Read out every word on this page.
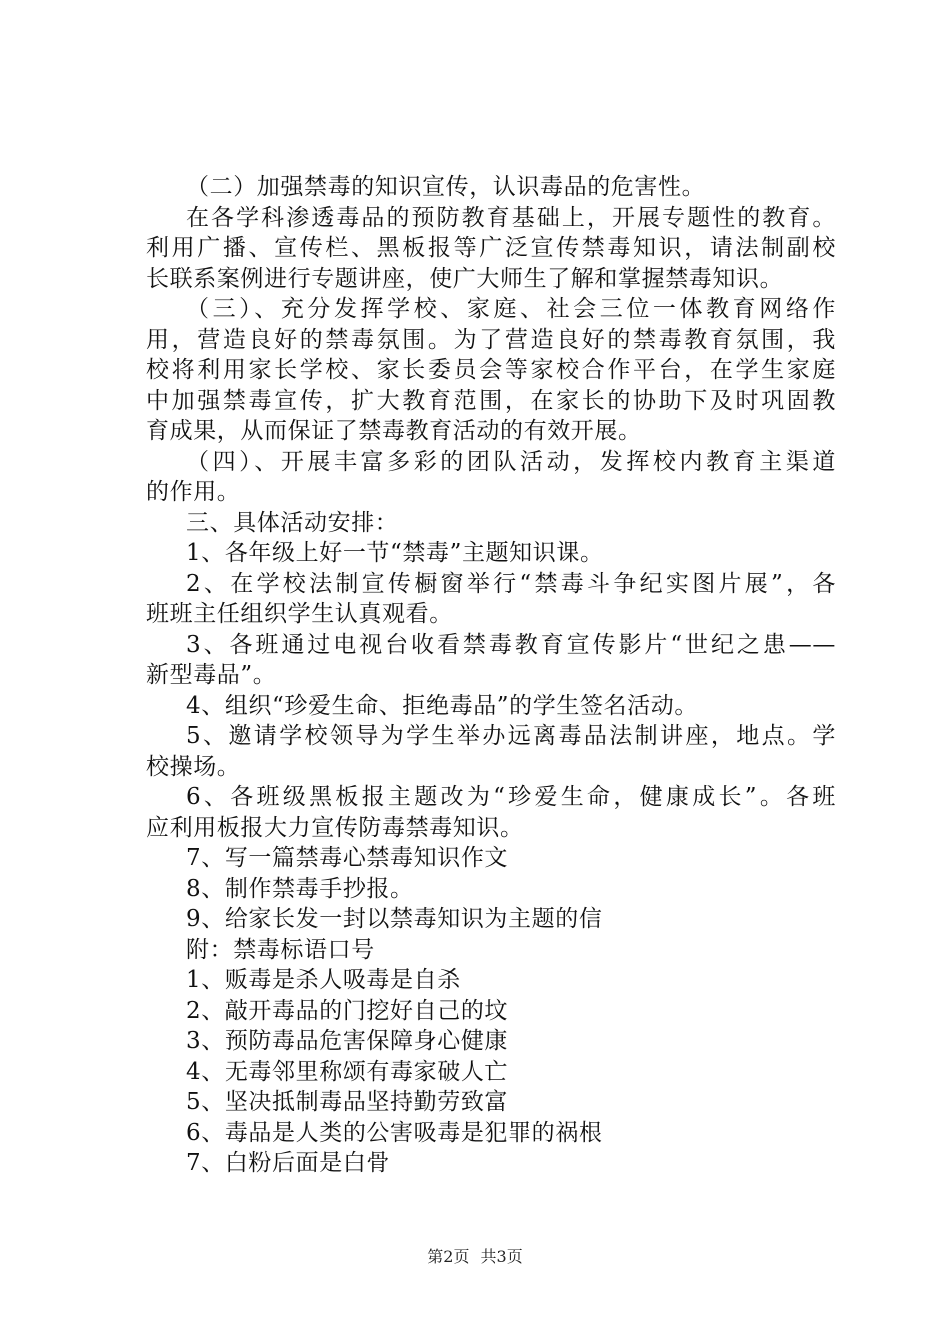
（二）加强禁毒的知识宣传，认识毒品的危害性。
在各学科渗透毒品的预防教育基础上，开展专题性的教育。
利用广播、宣传栏、黑板报等广泛宣传禁毒知识，请法制副校
长联系案例进行专题讲座，使广大师生了解和掌握禁毒知识。
（三）、充分发挥学校、家庭、社会三位一体教育网络作
用，营造良好的禁毒氛围。为了营造良好的禁毒教育氛围，我
校将利用家长学校、家长委员会等家校合作平台，在学生家庭
中加强禁毒宣传，扩大教育范围，在家长的协助下及时巩固教
育成果，从而保证了禁毒教育活动的有效开展。
（四）、开展丰富多彩的团队活动，发挥校内教育主渠道
的作用。
三、具体活动安排：
1、各年级上好一节“禁毒”主题知识课。
2、在学校法制宣传橱窗举行“禁毒斗争纪实图片展”，各
班班主任组织学生认真观看。
3、各班通过电视台收看禁毒教育宣传影片“世纪之患——
新型毒品”。
4、组织“珍爱生命、拒绝毒品”的学生签名活动。
5、邀请学校领导为学生举办远离毒品法制讲座，地点。学
校操场。
6、各班级黑板报主题改为“珍爱生命，健康成长”。各班
应利用板报大力宣传防毒禁毒知识。
7、写一篇禁毒心禁毒知识作文
8、制作禁毒手抄报。
9、给家长发一封以禁毒知识为主题的信
附：禁毒标语口号
1、贩毒是杀人吸毒是自杀
2、敲开毒品的门挖好自己的坟
3、预防毒品危害保障身心健康
4、无毒邻里称颂有毒家破人亡
5、坚决抵制毒品坚持勤劳致富
6、毒品是人类的公害吸毒是犯罪的祸根
7、白粉后面是白骨
第2页 共3页
